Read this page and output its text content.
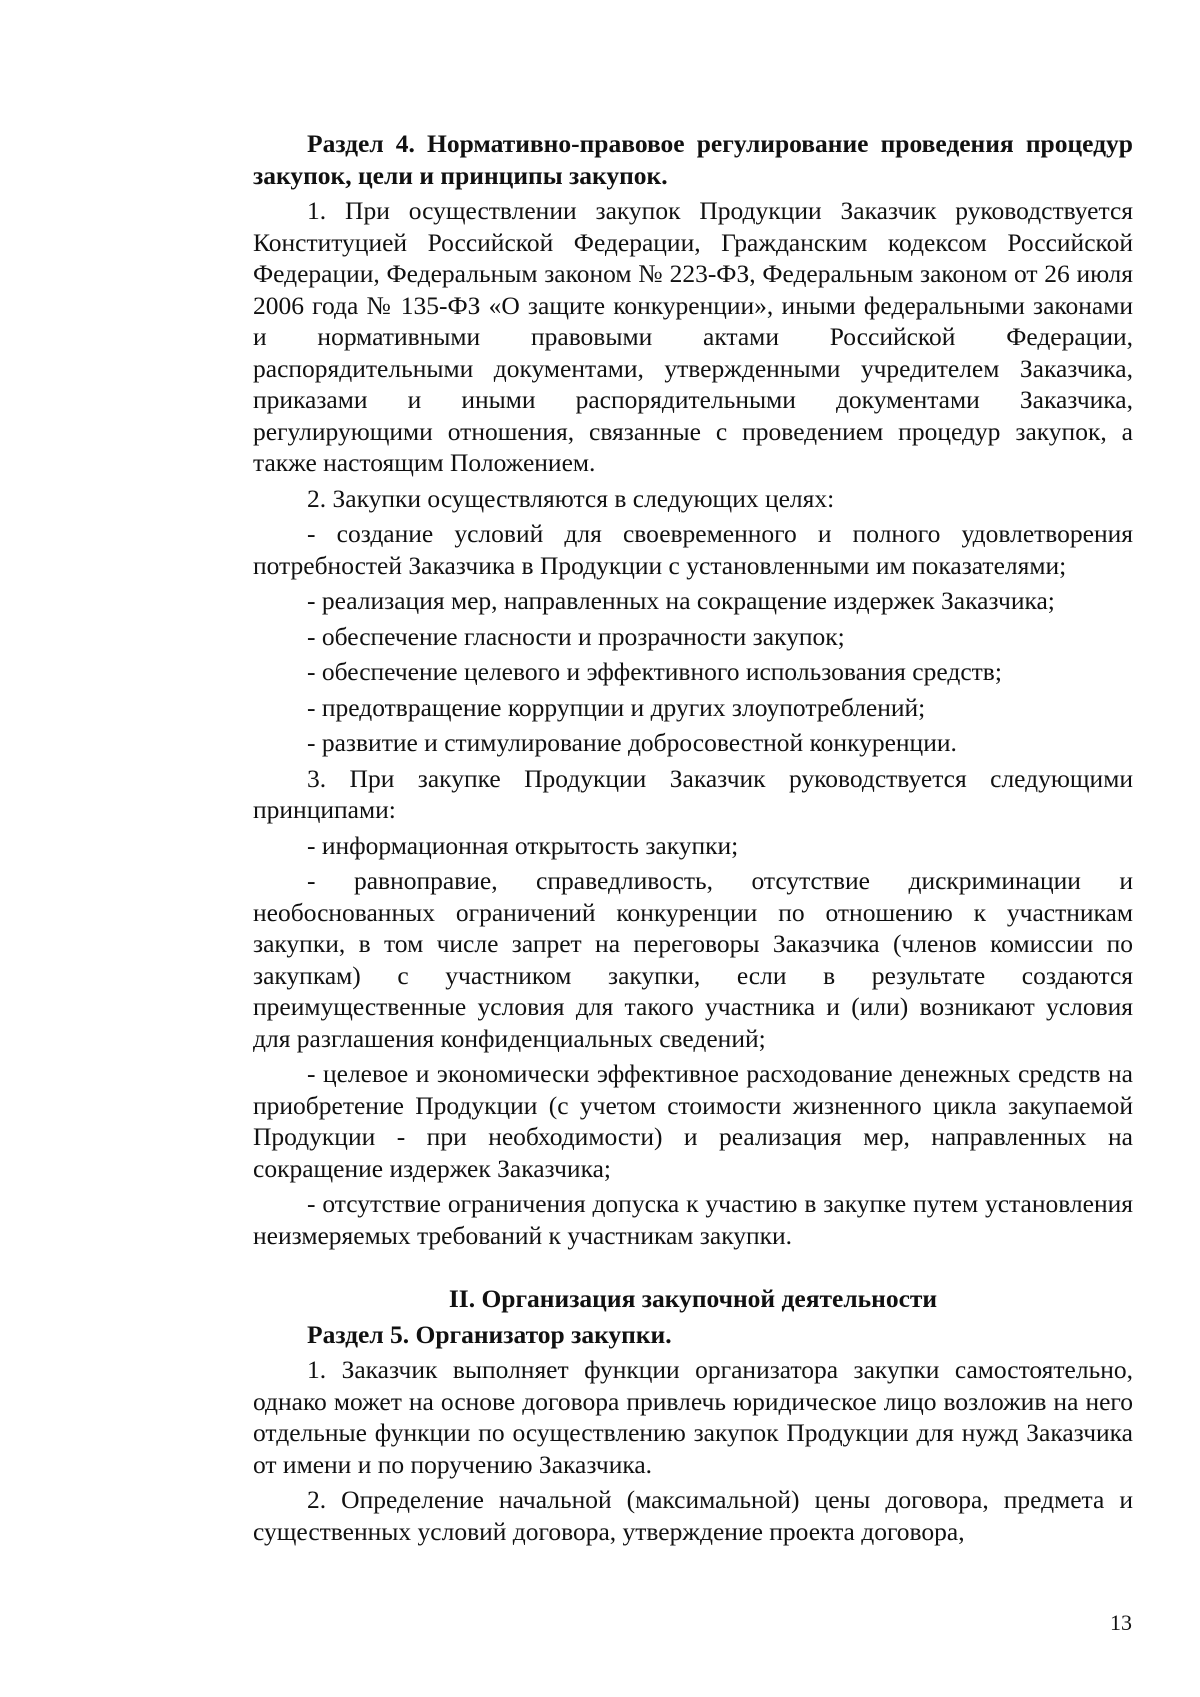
Раздел 4. Нормативно-правовое регулирование проведения процедур закупок, цели и принципы закупок.

1. При осуществлении закупок Продукции Заказчик руководствуется Конституцией Российской Федерации, Гражданским кодексом Российской Федерации, Федеральным законом № 223-ФЗ, Федеральным законом от 26 июля 2006 года № 135-ФЗ «О защите конкуренции», иными федеральными законами и нормативными правовыми актами Российской Федерации, распорядительными документами, утвержденными учредителем Заказчика, приказами и иными распорядительными документами Заказчика, регулирующими отношения, связанные с проведением процедур закупок, а также настоящим Положением.

2. Закупки осуществляются в следующих целях:

- создание условий для своевременного и полного удовлетворения потребностей Заказчика в Продукции с установленными им показателями;

- реализация мер, направленных на сокращение издержек Заказчика;

- обеспечение гласности и прозрачности закупок;

- обеспечение целевого и эффективного использования средств;

- предотвращение коррупции и других злоупотреблений;

- развитие и стимулирование добросовестной конкуренции.

3. При закупке Продукции Заказчик руководствуется следующими принципами:

- информационная открытость закупки;

- равноправие, справедливость, отсутствие дискриминации и необоснованных ограничений конкуренции по отношению к участникам закупки, в том числе запрет на переговоры Заказчика (членов комиссии по закупкам) с участником закупки, если в результате создаются преимущественные условия для такого участника и (или) возникают условия для разглашения конфиденциальных сведений;

- целевое и экономически эффективное расходование денежных средств на приобретение Продукции (с учетом стоимости жизненного цикла закупаемой Продукции - при необходимости) и реализация мер, направленных на сокращение издержек Заказчика;

- отсутствие ограничения допуска к участию в закупке путем установления неизмеряемых требований к участникам закупки.

II. Организация закупочной деятельности

Раздел 5. Организатор закупки.

1. Заказчик выполняет функции организатора закупки самостоятельно, однако может на основе договора привлечь юридическое лицо возложив на него отдельные функции по осуществлению закупок Продукции для нужд Заказчика от имени и по поручению Заказчика.

2. Определение начальной (максимальной) цены договора, предмета и существенных условий договора, утверждение проекта договора,

13
